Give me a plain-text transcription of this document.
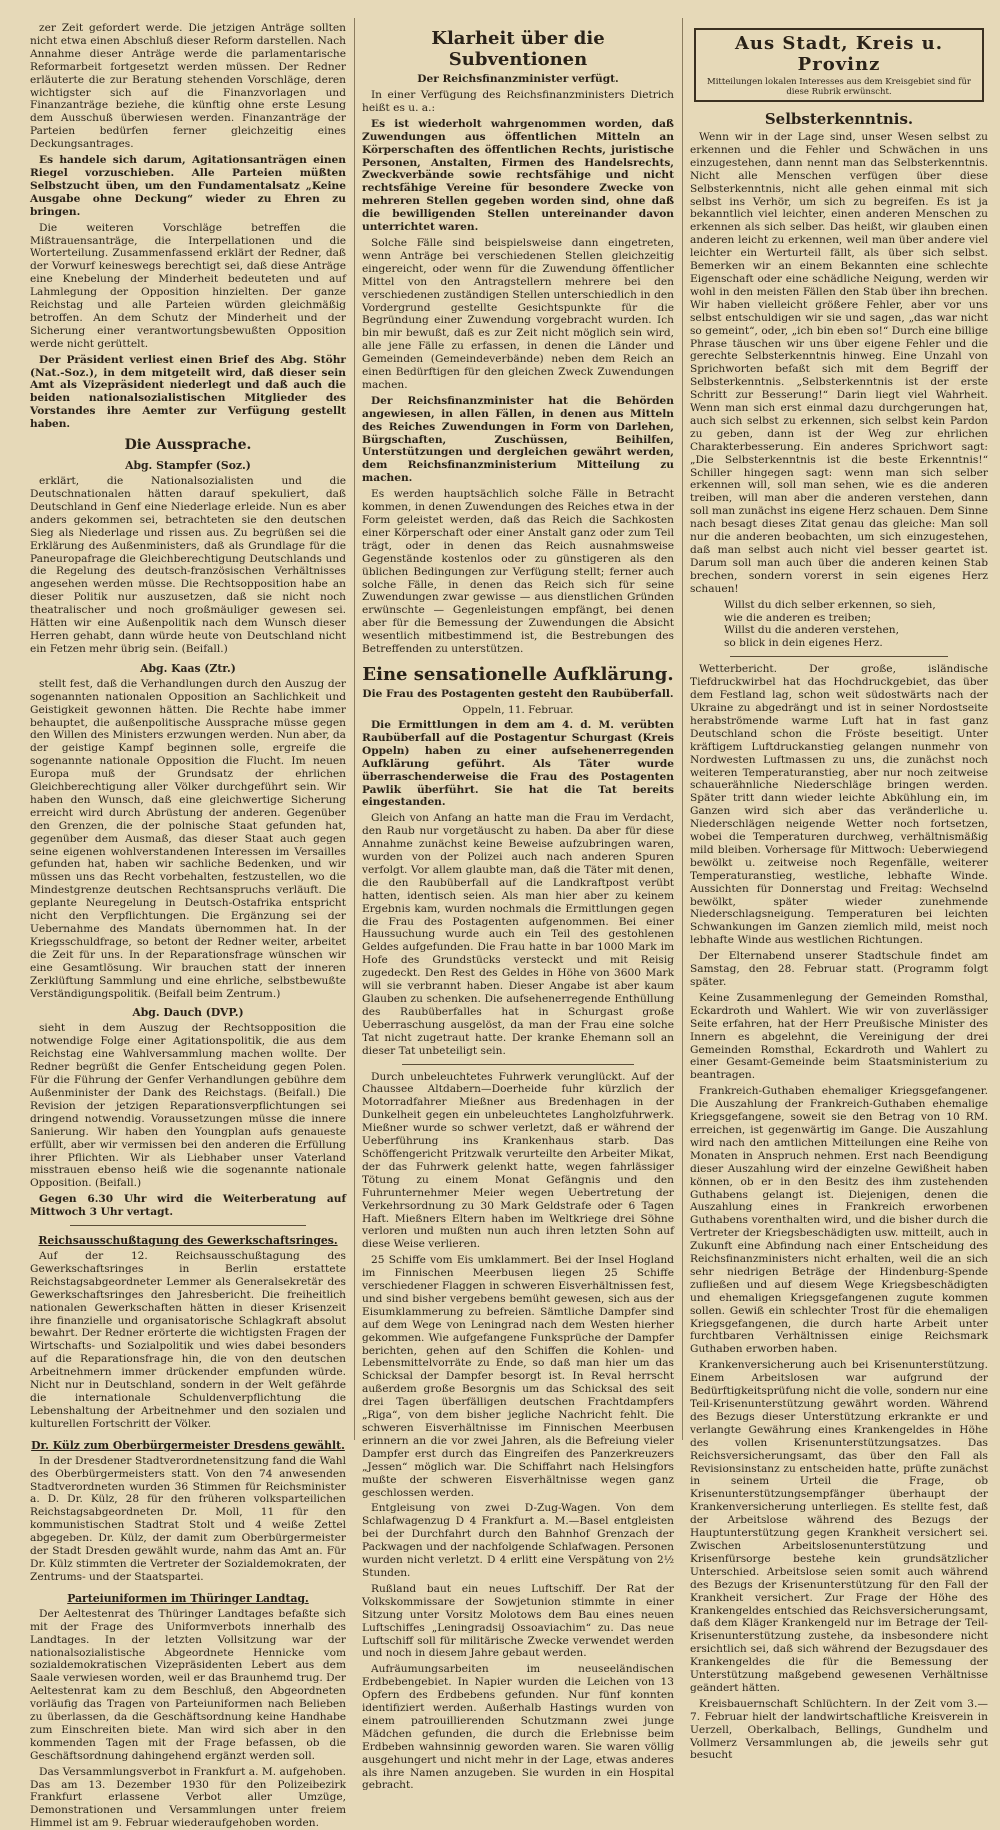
zer Zeit gefordert werde. Die jetzigen Anträge sollten nicht etwa einen Abschluß dieser Reform darstellen. Nach Annahme dieser Anträge werde die parlamentarische Reformarbeit fortgesetzt werden müssen. Der Redner erläuterte die zur Beratung stehenden Vorschläge, deren wichtigster sich auf die Finanzvorlagen und Finanzanträge beziehe, die künftig ohne erste Lesung dem Ausschuß überwiesen werden. Finanzanträge der Parteien bedürfen ferner gleichzeitig eines Deckungsantrages.

Es handele sich darum, Agitationsanträgen einen Riegel vorzuschieben. Alle Parteien müßten Selbstzucht üben, um den Fundamentalsatz „Keine Ausgabe ohne Deckung“ wieder zu Ehren zu bringen.

Die weiteren Vorschläge betreffen die Mißtrauensanträge, die Interpellationen und die Worterteilung. Zusammenfassend erklärt der Redner, daß der Vorwurf keineswegs berechtigt sei, daß diese Anträge eine Knebelung der Minderheit bedeuteten und auf Lahmlegung der Opposition hinzielten. Der ganze Reichstag und alle Parteien würden gleichmäßig betroffen. An dem Schutz der Minderheit und der Sicherung einer verantwortungsbewußten Opposition werde nicht gerüttelt.

Der Präsident verliest einen Brief des Abg. Stöhr (Nat.-Soz.), in dem mitgeteilt wird, daß dieser sein Amt als Vizepräsident niederlegt und daß auch die beiden nationalsozialistischen Mitglieder des Vorstandes ihre Aemter zur Verfügung gestellt haben.

Die Aussprache.
Abg. Stampfer (Soz.)

erklärt, die Nationalsozialisten und die Deutschnationalen hätten darauf spekuliert, daß Deutschland in Genf eine Niederlage erleide. Nun es aber anders gekommen sei, betrachteten sie den deutschen Sieg als Niederlage und rissen aus. Zu begrüßen sei die Erklärung des Außenministers, daß als Grundlage für die Paneuropafrage die Gleichberechtigung Deutschlands und die Regelung des deutsch-französischen Verhältnisses angesehen werden müsse. Die Rechtsopposition habe an dieser Politik nur auszusetzen, daß sie nicht noch theatralischer und noch großmäuliger gewesen sei. Hätten wir eine Außenpolitik nach dem Wunsch dieser Herren gehabt, dann würde heute von Deutschland nicht ein Fetzen mehr übrig sein. (Beifall.)

Abg. Kaas (Ztr.)

stellt fest, daß die Verhandlungen durch den Auszug der sogenannten nationalen Opposition an Sachlichkeit und Geistigkeit gewonnen hätten. Die Rechte habe immer behauptet, die außenpolitische Aussprache müsse gegen den Willen des Ministers erzwungen werden. Nun aber, da der geistige Kampf beginnen solle, ergreife die sogenannte nationale Opposition die Flucht. Im neuen Europa muß der Grundsatz der ehrlichen Gleichberechtigung aller Völker durchgeführt sein. Wir haben den Wunsch, daß eine gleichwertige Sicherung erreicht wird durch Abrüstung der anderen. Gegenüber den Grenzen, die der polnische Staat gefunden hat, gegenüber dem Ausmaß, das dieser Staat auch gegen seine eigenen wohlverstandenen Interessen im Versailles gefunden hat, haben wir sachliche Bedenken, und wir müssen uns das Recht vorbehalten, festzustellen, wo die Mindestgrenze deutschen Rechtsanspruchs verläuft. Die geplante Neuregelung in Deutsch-Ostafrika entspricht nicht den Verpflichtungen. Die Ergänzung sei der Uebernahme des Mandats übernommen hat. In der Kriegsschuldfrage, so betont der Redner weiter, arbeitet die Zeit für uns. In der Reparationsfrage wünschen wir eine Gesamtlösung. Wir brauchen statt der inneren Zerklüftung Sammlung und eine ehrliche, selbstbewußte Verständigungspolitik. (Beifall beim Zentrum.)

Abg. Dauch (DVP.)

sieht in dem Auszug der Rechtsopposition die notwendige Folge einer Agitationspolitik, die aus dem Reichstag eine Wahlversammlung machen wollte. Der Redner begrüßt die Genfer Entscheidung gegen Polen. Für die Führung der Genfer Verhandlungen gebühre dem Außenminister der Dank des Reichstags. (Beifall.) Die Revision der jetzigen Reparationsverpflichtungen sei dringend notwendig. Voraussetzungen müsse die innere Sanierung. Wir haben den Youngplan aufs genaueste erfüllt, aber wir vermissen bei den anderen die Erfüllung ihrer Pflichten. Wir als Liebhaber unser Vaterland misstrauen ebenso heiß wie die sogenannte nationale Opposition. (Beifall.)

Gegen 6.30 Uhr wird die Weiterberatung auf Mittwoch 3 Uhr vertagt.

Reichsausschußtagung des Gewerkschaftsringes.

Auf der 12. Reichsausschußtagung des Gewerkschaftsringes in Berlin erstattete Reichstagsabgeordneter Lemmer als Generalsekretär des Gewerkschaftsringes den Jahresbericht. Die freiheitlich nationalen Gewerkschaften hätten in dieser Krisenzeit ihre finanzielle und organisatorische Schlagkraft absolut bewahrt. Der Redner erörterte die wichtigsten Fragen der Wirtschafts- und Sozialpolitik und wies dabei besonders auf die Reparationsfrage hin, die von den deutschen Arbeitnehmern immer drückender empfunden würde. Nicht nur in Deutschland, sondern in der Welt gefährde die internationale Schuldenverpflichtung die Lebenshaltung der Arbeitnehmer und den sozialen und kulturellen Fortschritt der Völker.

Dr. Külz zum Oberbürgermeister Dresdens gewählt.

In der Dresdener Stadtverordnetensitzung fand die Wahl des Oberbürgermeisters statt. Von den 74 anwesenden Stadtverordneten wurden 36 Stimmen für Reichsminister a. D. Dr. Külz, 28 für den früheren volksparteilichen Reichstagsabgeordneten Dr. Moll, 11 für den kommunistischen Stadtrat Stolt und 4 weiße Zettel abgegeben. Dr. Külz, der damit zum Oberbürgermeister der Stadt Dresden gewählt wurde, nahm das Amt an. Für Dr. Külz stimmten die Vertreter der Sozialdemokraten, der Zentrums- und der Staatspartei.

Parteiuniformen im Thüringer Landtag.

Der Aeltestenrat des Thüringer Landtages befaßte sich mit der Frage des Uniformverbots innerhalb des Landtages. In der letzten Vollsitzung war der nationalsozialistische Abgeordnete Hennicke vom sozialdemokratischen Vizepräsidenten Lebert aus dem Saale verwiesen worden, weil er das Braunhemd trug. Der Aeltestenrat kam zu dem Beschluß, den Abgeordneten vorläufig das Tragen von Parteiuniformen nach Belieben zu überlassen, da die Geschäftsordnung keine Handhabe zum Einschreiten biete. Man wird sich aber in den kommenden Tagen mit der Frage befassen, ob die Geschäftsordnung dahingehend ergänzt werden soll.

Das Versammlungsverbot in Frankfurt a. M. aufgehoben. Das am 13. Dezember 1930 für den Polizeibezirk Frankfurt erlassene Verbot aller Umzüge, Demonstrationen und Versammlungen unter freiem Himmel ist am 9. Februar wiederaufgehoben worden.

Klarheit über die Subventionen
Der Reichsfinanzminister verfügt.

In einer Verfügung des Reichsfinanzministers Dietrich heißt es u. a.:

Es ist wiederholt wahrgenommen worden, daß Zuwendungen aus öffentlichen Mitteln an Körperschaften des öffentlichen Rechts, juristische Personen, Anstalten, Firmen des Handelsrechts, Zweckverbände sowie rechtsfähige und nicht rechtsfähige Vereine für besondere Zwecke von mehreren Stellen gegeben worden sind, ohne daß die bewilligenden Stellen untereinander davon unterrichtet waren.

Solche Fälle sind beispielsweise dann eingetreten, wenn Anträge bei verschiedenen Stellen gleichzeitig eingereicht, oder wenn für die Zuwendung öffentlicher Mittel von den Antragstellern mehrere bei den verschiedenen zuständigen Stellen unterschiedlich in den Vordergrund gestellte Gesichtspunkte für die Begründung einer Zuwendung vorgebracht wurden. Ich bin mir bewußt, daß es zur Zeit nicht möglich sein wird, alle jene Fälle zu erfassen, in denen die Länder und Gemeinden (Gemeindeverbände) neben dem Reich an einen Bedürftigen für den gleichen Zweck Zuwendungen machen.

Der Reichsfinanzminister hat die Behörden angewiesen, in allen Fällen, in denen aus Mitteln des Reiches Zuwendungen in Form von Darlehen, Bürgschaften, Zuschüssen, Beihilfen, Unterstützungen und dergleichen gewährt werden, dem Reichsfinanzministerium Mitteilung zu machen.

Es werden hauptsächlich solche Fälle in Betracht kommen, in denen Zuwendungen des Reiches etwa in der Form geleistet werden, daß das Reich die Sachkosten einer Körperschaft oder einer Anstalt ganz oder zum Teil trägt, oder in denen das Reich ausnahmsweise Gegenstände kostenlos oder zu günstigeren als den üblichen Bedingungen zur Verfügung stellt; ferner auch solche Fälle, in denen das Reich sich für seine Zuwendungen zwar gewisse — aus dienstlichen Gründen erwünschte — Gegenleistungen empfängt, bei denen aber für die Bemessung der Zuwendungen die Absicht wesentlich mitbestimmend ist, die Bestrebungen des Betreffenden zu unterstützen.

Eine sensationelle Aufklärung.
Die Frau des Postagenten gesteht den Raubüberfall.
Oppeln, 11. Februar.

Die Ermittlungen in dem am 4. d. M. verübten Raubüberfall auf die Postagentur Schurgast (Kreis Oppeln) haben zu einer aufsehenerregenden Aufklärung geführt. Als Täter wurde überraschenderweise die Frau des Postagenten Pawlik überführt. Sie hat die Tat bereits eingestanden.

Gleich von Anfang an hatte man die Frau im Verdacht, den Raub nur vorgetäuscht zu haben. Da aber für diese Annahme zunächst keine Beweise aufzubringen waren, wurden von der Polizei auch nach anderen Spuren verfolgt. Vor allem glaubte man, daß die Täter mit denen, die den Raubüberfall auf die Landkraftpost verübt hatten, identisch seien. Als man hier aber zu keinem Ergebnis kam, wurden nochmals die Ermittlungen gegen die Frau des Postagenten aufgenommen. Bei einer Haussuchung wurde auch ein Teil des gestohlenen Geldes aufgefunden. Die Frau hatte in bar 1000 Mark im Hofe des Grundstücks versteckt und mit Reisig zugedeckt. Den Rest des Geldes in Höhe von 3600 Mark will sie verbrannt haben. Dieser Angabe ist aber kaum Glauben zu schenken. Die aufsehenerregende Enthüllung des Raubüberfalles hat in Schurgast große Ueberraschung ausgelöst, da man der Frau eine solche Tat nicht zugetraut hatte. Der kranke Ehemann soll an dieser Tat unbeteiligt sein.

Durch unbeleuchtetes Fuhrwerk verunglückt. Auf der Chaussee Altdabern—Doerheide fuhr kürzlich der Motorradfahrer Mießner aus Bredenhagen in der Dunkelheit gegen ein unbeleuchtetes Langholzfuhrwerk. Mießner wurde so schwer verletzt, daß er während der Ueberführung ins Krankenhaus starb. Das Schöffengericht Pritzwalk verurteilte den Arbeiter Mikat, der das Fuhrwerk gelenkt hatte, wegen fahrlässiger Tötung zu einem Monat Gefängnis und den Fuhrunternehmer Meier wegen Uebertretung der Verkehrsordnung zu 30 Mark Geldstrafe oder 6 Tagen Haft. Mießners Eltern haben im Weltkriege drei Söhne verloren und mußten nun auch ihren letzten Sohn auf diese Weise verlieren.

25 Schiffe vom Eis umklammert. Bei der Insel Hogland im Finnischen Meerbusen liegen 25 Schiffe verschiedener Flaggen in schweren Eisverhältnissen fest, und sind bisher vergebens bemüht gewesen, sich aus der Eisumklammerung zu befreien. Sämtliche Dampfer sind auf dem Wege von Leningrad nach dem Westen hierher gekommen. Wie aufgefangene Funksprüche der Dampfer berichten, gehen auf den Schiffen die Kohlen- und Lebensmittelvorräte zu Ende, so daß man hier um das Schicksal der Dampfer besorgt ist. In Reval herrscht außerdem große Besorgnis um das Schicksal des seit drei Tagen überfälligen deutschen Frachtdampfers „Riga“, von dem bisher jegliche Nachricht fehlt. Die schweren Eisverhältnisse im Finnischen Meerbusen erinnern an die vor zwei Jahren, als die Befreiung vieler Dampfer erst durch das Eingreifen des Panzerkreuzers „Jessen“ möglich war. Die Schiffahrt nach Helsingfors mußte der schweren Eisverhältnisse wegen ganz geschlossen werden.

Entgleisung von zwei D-Zug-Wagen. Von dem Schlafwagenzug D 4 Frankfurt a. M.—Basel entgleisten bei der Durchfahrt durch den Bahnhof Grenzach der Packwagen und der nachfolgende Schlafwagen. Personen wurden nicht verletzt. D 4 erlitt eine Verspätung von 2½ Stunden.

Rußland baut ein neues Luftschiff. Der Rat der Volkskommissare der Sowjetunion stimmte in einer Sitzung unter Vorsitz Molotows dem Bau eines neuen Luftschiffes „Leningradsij Ossoaviachim“ zu. Das neue Luftschiff soll für militärische Zwecke verwendet werden und noch in diesem Jahre gebaut werden.

Aufräumungsarbeiten im neuseeländischen Erdbebengebiet. In Napier wurden die Leichen von 13 Opfern des Erdbebens gefunden. Nur fünf konnten identifiziert werden. Außerhalb Hastings wurden von einem patrouillierenden Schutzmann zwei junge Mädchen gefunden, die durch die Erlebnisse beim Erdbeben wahnsinnig geworden waren. Sie waren völlig ausgehungert und nicht mehr in der Lage, etwas anderes als ihre Namen anzugeben. Sie wurden in ein Hospital gebracht.

Aus Stadt, Kreis u. Provinz
Mitteilungen lokalen Interesses aus dem Kreisgebiet sind für diese Rubrik erwünscht.
Selbsterkenntnis.

Wenn wir in der Lage sind, unser Wesen selbst zu erkennen und die Fehler und Schwächen in uns einzugestehen, dann nennt man das Selbsterkenntnis. Nicht alle Menschen verfügen über diese Selbsterkenntnis, nicht alle gehen einmal mit sich selbst ins Verhör, um sich zu begreifen. Es ist ja bekanntlich viel leichter, einen anderen Menschen zu erkennen als sich selber. Das heißt, wir glauben einen anderen leicht zu erkennen, weil man über andere viel leichter ein Werturteil fällt, als über sich selbst. Bemerken wir an einem Bekannten eine schlechte Eigenschaft oder eine schädliche Neigung, werden wir wohl in den meisten Fällen den Stab über ihn brechen. Wir haben vielleicht größere Fehler, aber vor uns selbst entschuldigen wir sie und sagen, „das war nicht so gemeint“, oder, „ich bin eben so!“ Durch eine billige Phrase täuschen wir uns über eigene Fehler und die gerechte Selbsterkenntnis hinweg. Eine Unzahl von Sprichworten befaßt sich mit dem Begriff der Selbsterkenntnis. „Selbsterkenntnis ist der erste Schritt zur Besserung!“ Darin liegt viel Wahrheit. Wenn man sich erst einmal dazu durchgerungen hat, auch sich selbst zu erkennen, sich selbst kein Pardon zu geben, dann ist der Weg zur ehrlichen Charakterbesserung. Ein anderes Sprichwort sagt: „Die Selbsterkenntnis ist die beste Erkenntnis!“ Schiller hingegen sagt: wenn man sich selber erkennen will, soll man sehen, wie es die anderen treiben, will man aber die anderen verstehen, dann soll man zunächst ins eigene Herz schauen. Dem Sinne nach besagt dieses Zitat genau das gleiche: Man soll nur die anderen beobachten, um sich einzugestehen, daß man selbst auch nicht viel besser geartet ist. Darum soll man auch über die anderen keinen Stab brechen, sondern vorerst in sein eigenes Herz schauen!

Willst du dich selber erkennen, so sieh,
wie die anderen es treiben;
Willst du die anderen verstehen,
so blick in dein eigenes Herz.

Wetterbericht. Der große, isländische Tiefdruckwirbel hat das Hochdruckgebiet, das über dem Festland lag, schon weit südostwärts nach der Ukraine zu abgedrängt und ist in seiner Nordostseite herabströmende warme Luft hat in fast ganz Deutschland schon die Fröste beseitigt. Unter kräftigem Luftdruckanstieg gelangen nunmehr von Nordwesten Luftmassen zu uns, die zunächst noch weiteren Temperaturanstieg, aber nur noch zeitweise schauerähnliche Niederschläge bringen werden. Später tritt dann wieder leichte Abkühlung ein, im Ganzen wird sich aber das veränderliche u. Niederschlägen neigende Wetter noch fortsetzen, wobei die Temperaturen durchweg, verhältnismäßig mild bleiben. Vorhersage für Mittwoch: Ueberwiegend bewölkt u. zeitweise noch Regenfälle, weiterer Temperaturanstieg, westliche, lebhafte Winde. Aussichten für Donnerstag und Freitag: Wechselnd bewölkt, später wieder zunehmende Niederschlagsneigung. Temperaturen bei leichten Schwankungen im Ganzen ziemlich mild, meist noch lebhafte Winde aus westlichen Richtungen.

Der Elternabend unserer Stadtschule findet am Samstag, den 28. Februar statt. (Programm folgt später.

Keine Zusammenlegung der Gemeinden Romsthal, Eckardroth und Wahlert. Wie wir von zuverlässiger Seite erfahren, hat der Herr Preußische Minister des Innern es abgelehnt, die Vereinigung der drei Gemeinden Romsthal, Eckardroth und Wahlert zu einer Gesamt-Gemeinde beim Staatsministerium zu beantragen.

Frankreich-Guthaben ehemaliger Kriegsgefangener. Die Auszahlung der Frankreich-Guthaben ehemalige Kriegsgefangene, soweit sie den Betrag von 10 RM. erreichen, ist gegenwärtig im Gange. Die Auszahlung wird nach den amtlichen Mitteilungen eine Reihe von Monaten in Anspruch nehmen. Erst nach Beendigung dieser Auszahlung wird der einzelne Gewißheit haben können, ob er in den Besitz des ihm zustehenden Guthabens gelangt ist. Diejenigen, denen die Auszahlung eines in Frankreich erworbenen Guthabens vorenthalten wird, und die bisher durch die Vertreter der Kriegsbeschädigten usw. mitteilt, auch in Zukunft eine Abfindung nach einer Entscheidung des Reichsfinanzministers nicht erhalten, weil die an sich sehr niedrigen Beträge der Hindenburg-Spende zufließen und auf diesem Wege Kriegsbeschädigten und ehemaligen Kriegsgefangenen zugute kommen sollen. Gewiß ein schlechter Trost für die ehemaligen Kriegsgefangenen, die durch harte Arbeit unter furchtbaren Verhältnissen einige Reichsmark Guthaben erworben haben.

Krankenversicherung auch bei Krisenunterstützung. Einem Arbeitslosen war aufgrund der Bedürftigkeitsprüfung nicht die volle, sondern nur eine Teil-Krisenunterstützung gewährt worden. Während des Bezugs dieser Unterstützung erkrankte er und verlangte Gewährung eines Krankengeldes in Höhe des vollen Krisenunterstützungsatzes. Das Reichsversicherungsamt, das über den Fall als Revisionsinstanz zu entscheiden hatte, prüfte zunächst in seinem Urteil die Frage, ob Krisenunterstützungsempfänger überhaupt der Krankenversicherung unterliegen. Es stellte fest, daß der Arbeitslose während des Bezugs der Hauptunterstützung gegen Krankheit versichert sei. Zwischen Arbeitslosenunterstützung und Krisenfürsorge bestehe kein grundsätzlicher Unterschied. Arbeitslose seien somit auch während des Bezugs der Krisenunterstützung für den Fall der Krankheit versichert. Zur Frage der Höhe des Krankengeldes entschied das Reichsversicherungsamt, daß dem Kläger Krankengeld nur im Betrage der Teil-Krisenunterstützung zustehe, da insbesondere nicht ersichtlich sei, daß sich während der Bezugsdauer des Krankengeldes die für die Bemessung der Unterstützung maßgebend gewesenen Verhältnisse geändert hätten.

Kreisbauernschaft Schlüchtern. In der Zeit vom 3.—7. Februar hielt der landwirtschaftliche Kreisverein in Uerzell, Oberkalbach, Bellings, Gundhelm und Vollmerz Versammlungen ab, die jeweils sehr gut besucht
